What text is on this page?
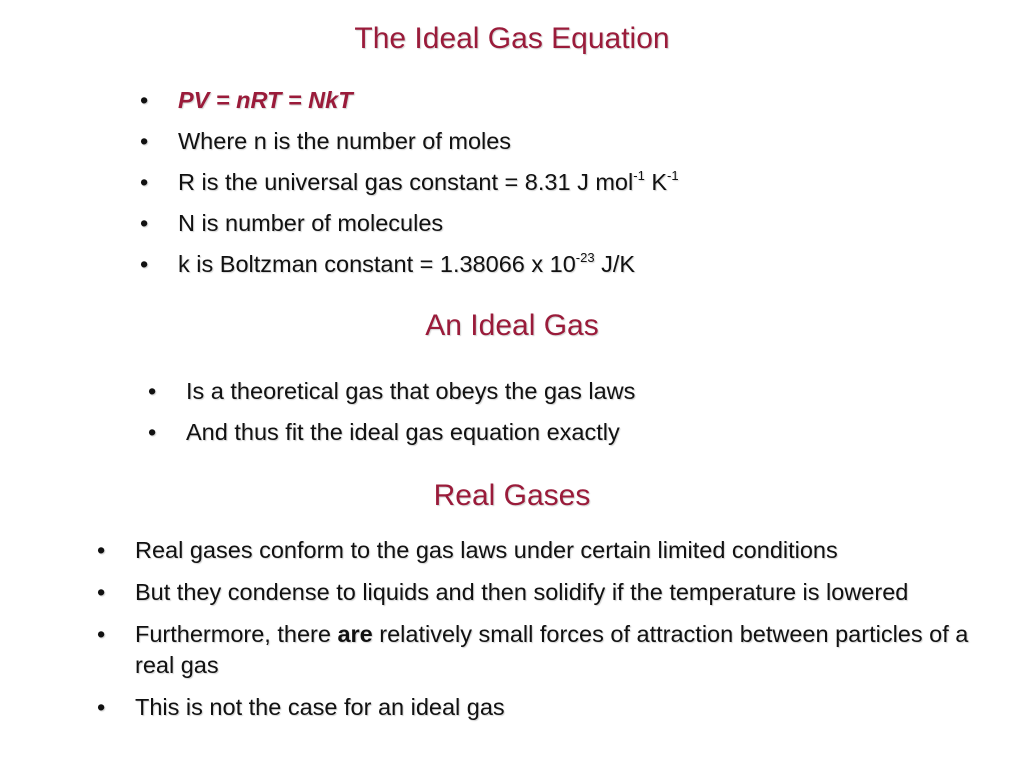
The Ideal Gas Equation
•	PV = nRT = NkT
•	Where n is the number of moles
•	R is the universal gas constant = 8.31 J mol$^{-1}$ $K^{-1}$
•	N is number of molecules
•	k is Boltzman constant = 1.38066 x $10^{-23}$ J/K
An Ideal Gas
•	Is a theoretical gas that obeys the gas laws
•	And thus fit the ideal gas equation exactly
Real Gases
•	Real gases conform to the gas laws under certain limited conditions
•	But they condense to liquids and then solidify if the temperature is lowered
•	Furthermore, there are relatively small forces of attraction between particles of a real gas
•	This is not the case for an ideal gas
